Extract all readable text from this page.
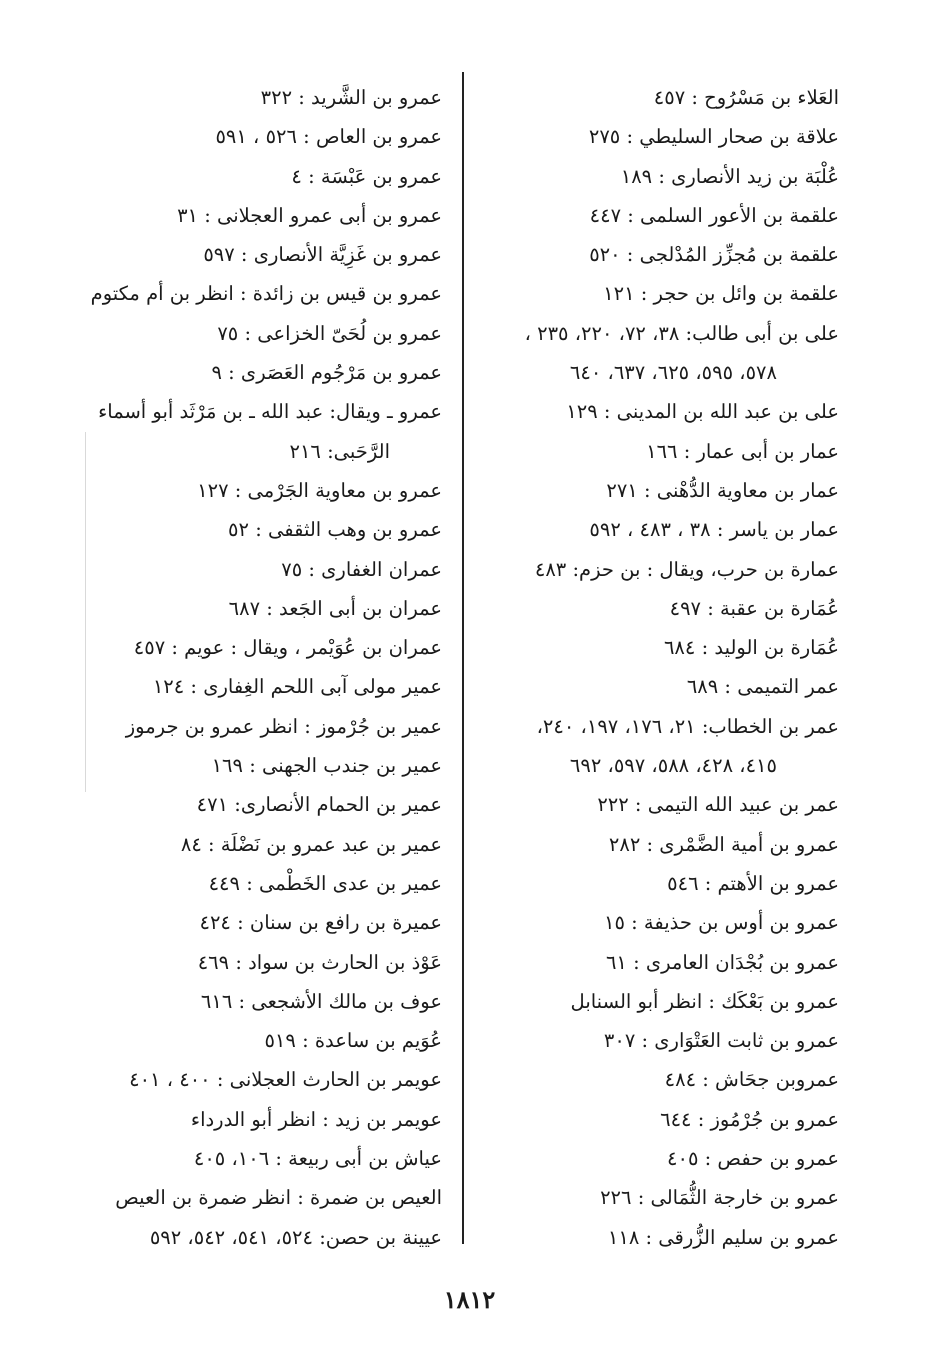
العَلاء بن مَسْرُوح : ٤٥٧
علاقة بن صحار السليطي : ٢٧٥
عُلْبَة بن زيد الأنصارى : ١٨٩
علقمة بن الأعور السلمى : ٤٤٧
علقمة بن مُجزِّز المُدْلجى : ٥٢٠
علقمة بن وائل بن حجر : ١٢١
على بن أبى طالب: ٣٨، ٧٢، ٢٢٠، ٢٣٥ ،
٥٧٨، ٥٩٥، ٦٢٥، ٦٣٧، ٦٤٠
على بن عبد الله بن المدينى : ١٢٩
عمار بن أبى عمار : ١٦٦
عمار بن معاوية الدُّهْنى : ٢٧١
عمار بن ياسر : ٣٨ ، ٤٨٣ ، ٥٩٢
عمارة بن حرب، ويقال : بن حزم: ٤٨٣
عُمَارة بن عقبة : ٤٩٧
عُمَارة بن الوليد : ٦٨٤
عمر التميمى : ٦٨٩
عمر بن الخطاب: ٢١، ١٧٦، ١٩٧، ٢٤٠،
٤١٥، ٤٢٨، ٥٨٨، ٥٩٧، ٦٩٢
عمر بن عبيد الله التيمى : ٢٢٢
عمرو بن أمية الضَّمْرى : ٢٨٢
عمرو بن الأهتم : ٥٤٦
عمرو بن أوس بن حذيفة : ١٥
عمرو بن بُجْدَان العامرى : ٦١
عمرو بن بَعْكَك : انظر أبو السنابل
عمرو بن ثابت العَتْوَارى : ٣٠٧
عمروبن جحَاش : ٤٨٤
عمرو بن جُرْمُوز : ٦٤٤
عمرو بن حفص : ٤٠٥
عمرو بن خارجة الثُّمَالى : ٢٢٦
عمرو بن سليم الزُّرقى : ١١٨
عمرو بن الشَّريد : ٣٢٢
عمرو بن العاص : ٥٢٦ ، ٥٩١
عمرو بن عَبْسَة : ٤
عمرو بن أبى عمرو العجلانى : ٣١
عمرو بن غَزِيَّة الأنصارى : ٥٩٧
عمرو بن قيس بن زائدة : انظر بن أم مكتوم
عمرو بن لُحَىّ الخزاعى : ٧٥
عمرو بن مَرْجُوم العَصَرى : ٩
عمرو ـ ويقال: عبد الله ـ بن مَرْثَد أبو أسماء
الرَّحَبى: ٢١٦
عمرو بن معاوية الجَرْمى : ١٢٧
عمرو بن وهب الثقفى : ٥٢
عمران الغفارى : ٧٥
عمران بن أبى الجَعد : ٦٨٧
عمران بن عُوَيْمر ، ويقال : عويم : ٤٥٧
عمير مولى آبى اللحم الغِفارى : ١٢٤
عمير بن جُرْموز : انظر عمرو بن جرموز
عمير بن جندب الجهنى : ١٦٩
عمير بن الحمام الأنصارى: ٤٧١
عمير بن عبد عمرو بن نَضْلَة : ٨٤
عمير بن عدى الخَطْمى : ٤٤٩
عميرة بن رافع بن سنان : ٤٢٤
عَوْذ بن الحارث بن سواد : ٤٦٩
عوف بن مالك الأشجعى : ٦١٦
عُوَيم بن ساعدة : ٥١٩
عويمر بن الحارث العجلانى : ٤٠٠ ، ٤٠١
عويمر بن زيد : انظر أبو الدرداء
عياش بن أبى ربيعة : ١٠٦، ٤٠٥
العيص بن ضمرة : انظر ضمرة بن العيص
عيينة بن حصن: ٥٢٤، ٥٤١، ٥٤٢، ٥٩٢
١٨١٢
